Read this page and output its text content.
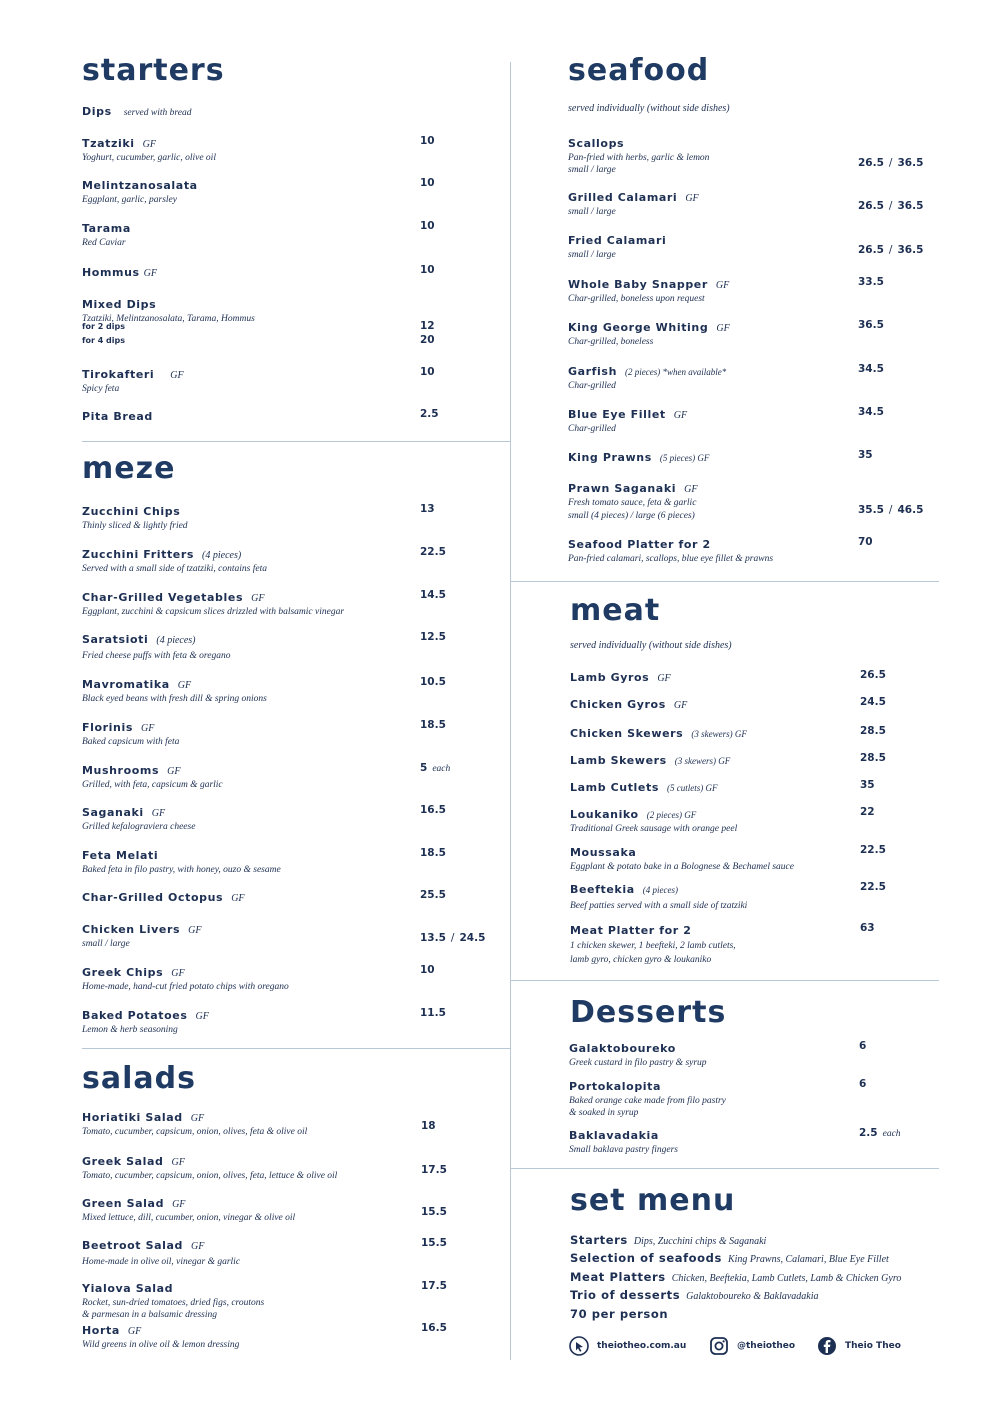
starters
Dips served with bread
Tzatziki GF
Yoghurt, cucumber, garlic, olive oil
10
Melintzanosalata
Eggplant, garlic, parsley
10
Tarama
Red Caviar
10
Hommus GF	10
Mixed Dips
Tzatziki, Melintzanosalata, Tarama, Hommus
for 2 dips	12
for 4 dips	20
Tirokafteri GF
Spicy feta
10
Pita Bread	2.5
meze
Zucchini Chips
Thinly sliced & lightly fried
13
Zucchini Fritters (4 pieces)
Served with a small side of tzatziki, contains feta
22.5
Char-Grilled Vegetables GF
Eggplant, zucchini & capsicum slices drizzled with balsamic vinegar
14.5
Saratsioti (4 pieces)
Fried cheese puffs with feta & oregano
12.5
Mavromatika GF
Black eyed beans with fresh dill & spring onions
10.5
Florinis GF
Baked capsicum with feta
18.5
Mushrooms GF
Grilled, with feta, capsicum & garlic
5 each
Saganaki GF
Grilled kefalograviera cheese
16.5
Feta Melati
Baked feta in filo pastry, with honey, ouzo & sesame
18.5
Char-Grilled Octopus GF	25.5
Chicken Livers GF
small / large	13.5 / 24.5
Greek Chips GF
Home-made, hand-cut fried potato chips with oregano
10
Baked Potatoes GF
Lemon & herb seasoning
11.5
salads
Horiatiki Salad GF
Tomato, cucumber, capsicum, onion, olives, feta & olive oil	18
Greek Salad GF
Tomato, cucumber, capsicum, onion, olives, feta, lettuce & olive oil	17.5
Green Salad GF
Mixed lettuce, dill, cucumber, onion, vinegar & olive oil	15.5
Beetroot Salad GF
Home-made in olive oil, vinegar & garlic
15.5
Yialova Salad
Rocket, sun-dried tomatoes, dried figs, croutons
& parmesan in a balsamic dressing
17.5
Horta GF
Wild greens in olive oil & lemon dressing
16.5
seafood
served individually (without side dishes)
Scallops
Pan-fried with herbs, garlic & lemon
small / large
26.5 / 36.5
Grilled Calamari GF
small / large	26.5 / 36.5
Fried Calamari
small / large	26.5 / 36.5
Whole Baby Snapper GF
Char-grilled, boneless upon request
33.5
King George Whiting GF
Char-grilled, boneless
36.5
Garfish (2 pieces) *when available*
Char-grilled
34.5
Blue Eye Fillet GF
Char-grilled
34.5
King Prawns (5 pieces) GF	35
Prawn Saganaki GF
Fresh tomato sauce, feta & garlic
small (4 pieces) / large (6 pieces)	35.5 / 46.5
Seafood Platter for 2
Pan-fried calamari, scallops, blue eye fillet & prawns
70
meat
served individually (without side dishes)
Lamb Gyros GF	26.5
Chicken Gyros GF	24.5
Chicken Skewers (3 skewers) GF	28.5
Lamb Skewers (3 skewers) GF	28.5
Lamb Cutlets (5 cutlets) GF	35
Loukaniko (2 pieces) GF
Traditional Greek sausage with orange peel
22
Moussaka
Eggplant & potato bake in a Bolognese & Bechamel sauce
22.5
Beeftekia (4 pieces)
Beef patties served with a small side of tzatziki
22.5
Meat Platter for 2
1 chicken skewer, 1 beefteki, 2 lamb cutlets,
lamb gyro, chicken gyro & loukaniko
63
Desserts
Galaktoboureko
Greek custard in filo pastry & syrup
6
Portokalopita
Baked orange cake made from filo pastry
& soaked in syrup
6
Baklavadakia
Small baklava pastry fingers
2.5 each
set menu
Starters Dips, Zucchini chips & Saganaki
Selection of seafoods King Prawns, Calamari, Blue Eye Fillet
Meat Platters Chicken, Beeftekia, Lamb Cutlets, Lamb & Chicken Gyro
Trio of desserts Galaktoboureko & Baklavadakia
70 per person
theiotheo.com.au	@theiotheo	Theio Theo
